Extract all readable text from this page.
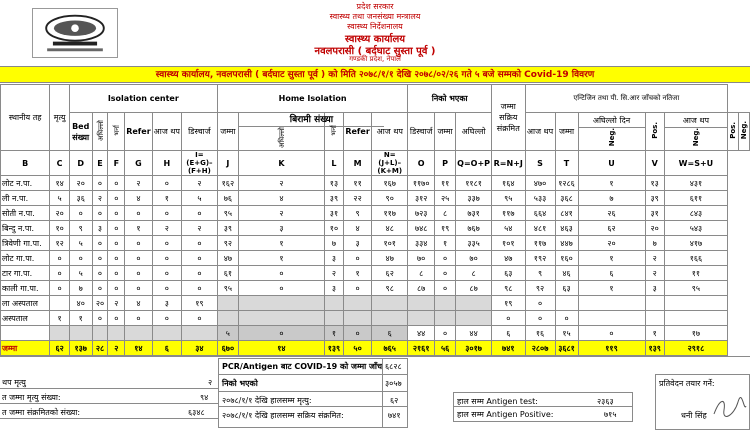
प्रदेश सरकार
स्वास्थ्य तथा जनसंख्या मन्त्रालय
स्वास्थ्य निर्देशनालय
स्वास्थ्य कार्यालय
नवलपरासी ( बर्दघाट सुस्ता पूर्व )
गण्डकी प्रदेश, नेपाल
स्वास्थ्य कार्यालय, नवलपरासी ( बर्दघाट सुस्ता पूर्व ) को मिति २०७८/१/१ देखि २०७८/०२/२६ गते ५ बजे सम्मको Covid-19 विवरण
स्थानीय तह	मृत्यु	Isolation center						Home Isolation					निको भएका			जम्मा सक्रिय संक्रमित	एन्टिजिन तथा पी. सि.आर जाँचको नतिजा						
		Bed संख्या	अघिल्लो	भर्ना	Refer	आज थप	डिस्चार्ज	जम्मा	बिरामी संख्या
अघिल्लो	भर्ना	Refer	आज थप	डिस्चार्ज	जम्मा	अघिल्लो		आज थप	जम्मा	अघिल्लो दिन
Neg.	Pos.	आज थप
Neg.	Pos.	Neg.
B	C	D	E	F	G	H	I=(E+G)–(F+H)	J	K	L	M	N=(J+L)–(K+M)	O	P	Q=O+P	R=N+J	S	T	U	V	W=S+U		
लोट न.पा.	१४	२०	०	०	२	०	२	१६२	२	१३	११	१६७	११७०	११	११८१	१६४	४७०	१२८६	१	१३	४३१		
ली न.पा.	५	३६	२	०	४	१	५	७६	४	३९	२२	९०	३१२	२५	३३७	९५	५३३	३६८	७	३९	६११		
सोती न.पा.	२०	०	०	०	०	०	०	९५	२	३१	९	११७	७२३	८	७३१	११७	६६४	८४१	२६	३१	८४३		
बिन्दु न.पा.	१०	९	३	०	१	२	२	३९	३	१०	४	४८	७४८	१९	७६७	५४	४८१	४६३	६२	२०	५४३		
त्रिवेणी गा.पा.	१२	५	०	०	०	०	०	९२	१	७	३	१०१	३३४	१	३३५	१०१	११७	४४७	२०	७	४१७		
लोट गा.पा.	०	०	०	०	०	०	०	४७	१	३	०	४७	७०	०	७०	४७	१९२	१६०	१	२	१६६		
टार गा.पा.	०	५	०	०	०	०	०	६१	०	२	१	६२	८	०	८	६३	९	४६	६	२	११		
काली गा.पा.	०	७	०	०	०	०	०	९५	०	३	०	९८	८७	०	८७	९८	९२	६३	१	३	९५		
ला अस्पताल		४०	२०	२	४	३	१९									१९	०						
अस्पताल	१	१	०	०	०	०	०									०	०	०					
								५	०	१	०	६	४४	०	४४	६	१६	१५	०	१	१७		
जम्मा	६२	१३७	२८	२	१४	६	३४	६७०	१४	१३९	५०	७६५	२१६१	५६	३०१७	७४१	२८०७	३६८१	११९	१३९	२९१८		
थप मृत्यु	२
त जम्मा मृत्यु संख्या:	९४
त जम्मा संक्रमितको संख्या:	६३४८
PCR/Antigen बाट COVID-19 को जम्मा जाँच ६८२८
निको भएको	३०५७
२०७८/१/१ देखि हालसम्म मृत्यु:	६२
२०७८/१/१ देखि हालसम्म सक्रिय संक्रमित:	७४१
हाल सम्म Antigen test:	२३६३
हाल सम्म Antigen Positive:	७१५
प्रतिवेदन तयार गर्ने:
धनी सिंह
